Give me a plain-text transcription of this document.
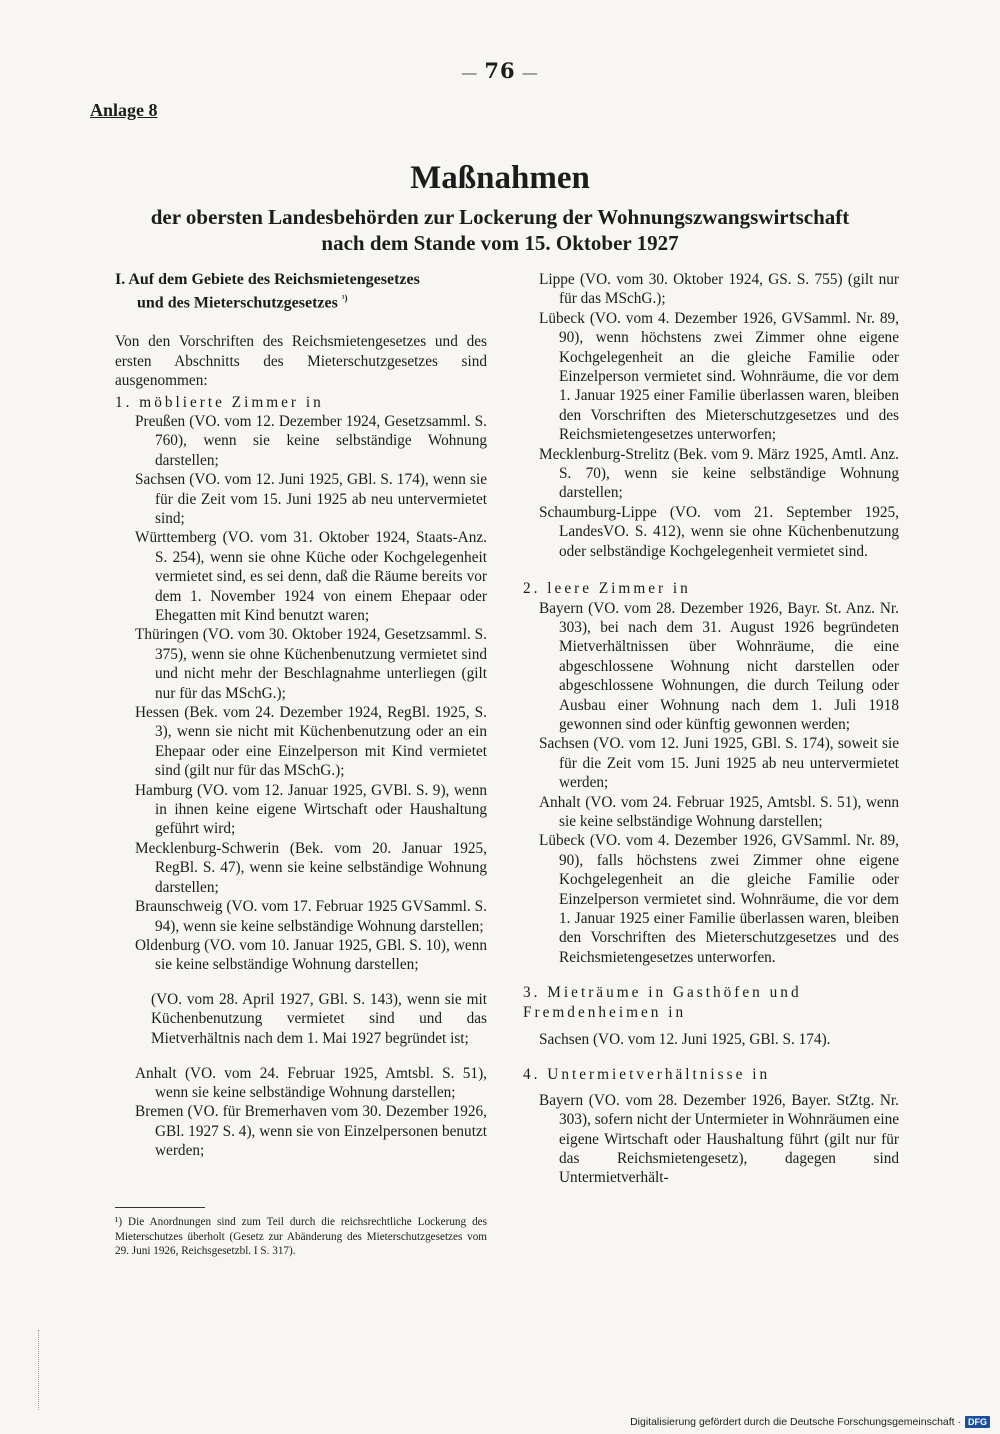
— 76 —
Anlage 8
Maßnahmen
der obersten Landesbehörden zur Lockerung der Wohnungszwangswirtschaft
nach dem Stande vom 15. Oktober 1927
I. Auf dem Gebiete des Reichsmietengesetzes
und des Mieterschutzgesetzes $^{^1)}$

Von den Vorschriften des Reichsmietengesetzes und des ersten Abschnitts des Mieterschutzgesetzes sind ausgenommen:

1. möblierte Zimmer in

Preußen (VO. vom 12. Dezember 1924, Gesetzsamml. S. 760), wenn sie keine selbständige Wohnung darstellen;

Sachsen (VO. vom 12. Juni 1925, GBl. S. 174), wenn sie für die Zeit vom 15. Juni 1925 ab neu untervermietet sind;

Württemberg (VO. vom 31. Oktober 1924, Staats-Anz. S. 254), wenn sie ohne Küche oder Kochgelegenheit vermietet sind, es sei denn, daß die Räume bereits vor dem 1. November 1924 von einem Ehepaar oder Ehegatten mit Kind benutzt waren;

Thüringen (VO. vom 30. Oktober 1924, Gesetzsamml. S. 375), wenn sie ohne Küchenbenutzung vermietet sind und nicht mehr der Beschlagnahme unterliegen (gilt nur für das MSchG.);

Hessen (Bek. vom 24. Dezember 1924, RegBl. 1925, S. 3), wenn sie nicht mit Küchenbenutzung oder an ein Ehepaar oder eine Einzelperson mit Kind vermietet sind (gilt nur für das MSchG.);

Hamburg (VO. vom 12. Januar 1925, GVBl. S. 9), wenn in ihnen keine eigene Wirtschaft oder Haushaltung geführt wird;

Mecklenburg-Schwerin (Bek. vom 20. Januar 1925, RegBl. S. 47), wenn sie keine selbständige Wohnung darstellen;

Braunschweig (VO. vom 17. Februar 1925 GVSamml. S. 94), wenn sie keine selbständige Wohnung darstellen;

Oldenburg (VO. vom 10. Januar 1925, GBl. S. 10), wenn sie keine selbständige Wohnung darstellen;

(VO. vom 28. April 1927, GBl. S. 143), wenn sie mit Küchenbenutzung vermietet sind und das Mietverhältnis nach dem 1. Mai 1927 begründet ist;

Anhalt (VO. vom 24. Februar 1925, Amtsbl. S. 51), wenn sie keine selbständige Wohnung darstellen;

Bremen (VO. für Bremerhaven vom 30. Dezember 1926, GBl. 1927 S. 4), wenn sie von Einzelpersonen benutzt werden;

¹) Die Anordnungen sind zum Teil durch die reichsrechtliche Lockerung des Mieterschutzes überholt (Gesetz zur Abänderung des Mieterschutzgesetzes vom 29. Juni 1926, Reichsgesetzbl. I S. 317).

Lippe (VO. vom 30. Oktober 1924, GS. S. 755) (gilt nur für das MSchG.);

Lübeck (VO. vom 4. Dezember 1926, GVSamml. Nr. 89, 90), wenn höchstens zwei Zimmer ohne eigene Kochgelegenheit an die gleiche Familie oder Einzelperson vermietet sind. Wohnräume, die vor dem 1. Januar 1925 einer Familie überlassen waren, bleiben den Vorschriften des Mieterschutzgesetzes und des Reichsmietengesetzes unterworfen;

Mecklenburg-Strelitz (Bek. vom 9. März 1925, Amtl. Anz. S. 70), wenn sie keine selbständige Wohnung darstellen;

Schaumburg-Lippe (VO. vom 21. September 1925, LandesVO. S. 412), wenn sie ohne Küchenbenutzung oder selbständige Kochgelegenheit vermietet sind.

2. leere Zimmer in

Bayern (VO. vom 28. Dezember 1926, Bayr. St. Anz. Nr. 303), bei nach dem 31. August 1926 begründeten Mietverhältnissen über Wohnräume, die eine abgeschlossene Wohnung nicht darstellen oder abgeschlossene Wohnungen, die durch Teilung oder Ausbau einer Wohnung nach dem 1. Juli 1918 gewonnen sind oder künftig gewonnen werden;

Sachsen (VO. vom 12. Juni 1925, GBl. S. 174), soweit sie für die Zeit vom 15. Juni 1925 ab neu untervermietet werden;

Anhalt (VO. vom 24. Februar 1925, Amtsbl. S. 51), wenn sie keine selbständige Wohnung darstellen;

Lübeck (VO. vom 4. Dezember 1926, GVSamml. Nr. 89, 90), falls höchstens zwei Zimmer ohne eigene Kochgelegenheit an die gleiche Familie oder Einzelperson vermietet sind. Wohnräume, die vor dem 1. Januar 1925 einer Familie überlassen waren, bleiben den Vorschriften des Mieterschutzgesetzes und des Reichsmietengesetzes unterworfen.

3. Mieträume in Gasthöfen und Fremdenheimen in

Sachsen (VO. vom 12. Juni 1925, GBl. S. 174).

4. Untermietverhältnisse in

Bayern (VO. vom 28. Dezember 1926, Bayer. StZtg. Nr. 303), sofern nicht der Untermieter in Wohnräumen eine eigene Wirtschaft oder Haushaltung führt (gilt nur für das Reichsmietengesetz), dagegen sind Untermietverhält-

Digitalisierung gefördert durch die Deutsche Forschungsgemeinschaft · DFG
